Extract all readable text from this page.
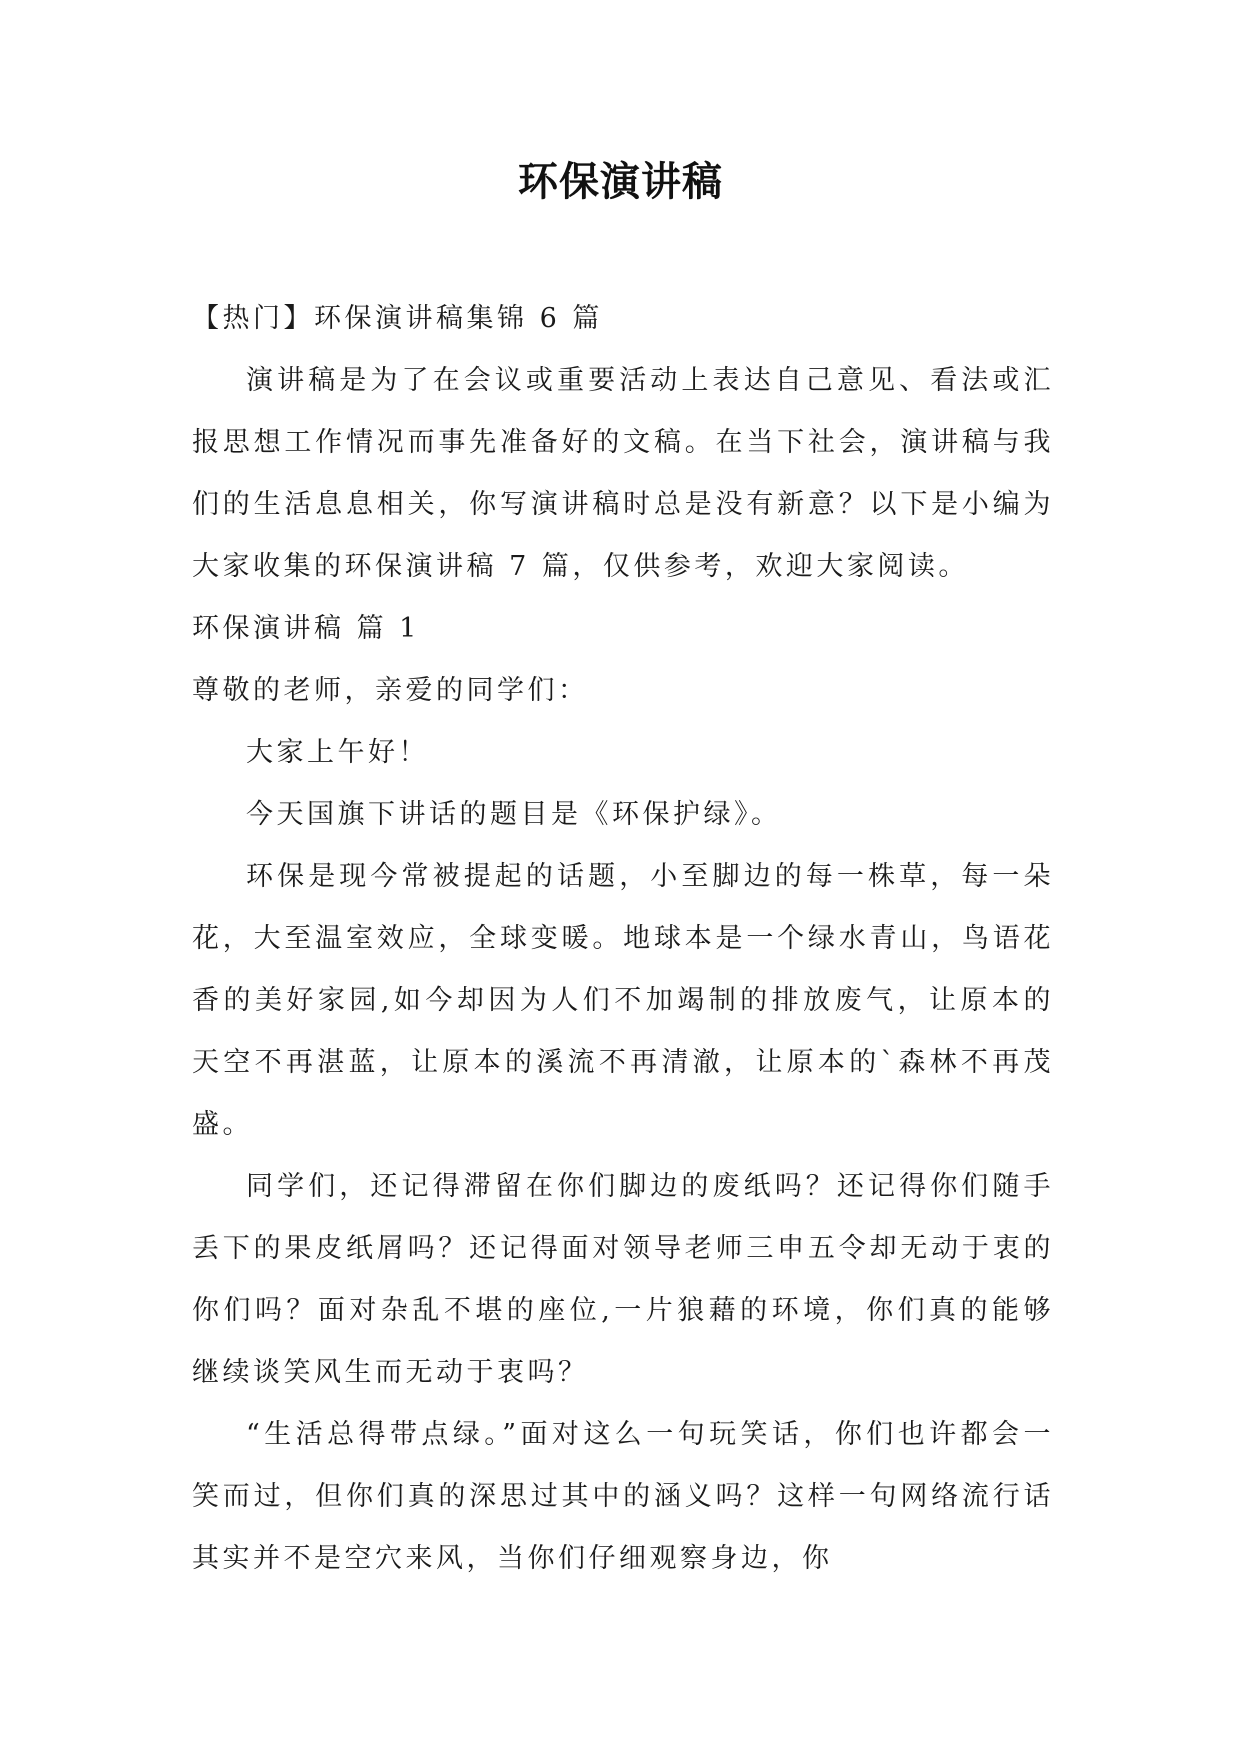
环保演讲稿

【热门】环保演讲稿集锦 6 篇

演讲稿是为了在会议或重要活动上表达自己意见、看法或汇报思想工作情况而事先准备好的文稿。在当下社会，演讲稿与我们的生活息息相关，你写演讲稿时总是没有新意？以下是小编为大家收集的环保演讲稿 7 篇，仅供参考，欢迎大家阅读。

环保演讲稿 篇 1

尊敬的老师，亲爱的同学们：

大家上午好！

今天国旗下讲话的题目是《环保护绿》。

环保是现今常被提起的话题，小至脚边的每一株草，每一朵花，大至温室效应，全球变暖。地球本是一个绿水青山，鸟语花香的美好家园,如今却因为人们不加竭制的排放废气，让原本的天空不再湛蓝，让原本的溪流不再清澈，让原本的`森林不再茂盛。

同学们，还记得滞留在你们脚边的废纸吗？还记得你们随手丢下的果皮纸屑吗？还记得面对领导老师三申五令却无动于衷的你们吗？面对杂乱不堪的座位,一片狼藉的环境，你们真的能够继续谈笑风生而无动于衷吗？

“生活总得带点绿。”面对这么一句玩笑话，你们也许都会一笑而过，但你们真的深思过其中的涵义吗？这样一句网络流行话其实并不是空穴来风，当你们仔细观察身边，你
